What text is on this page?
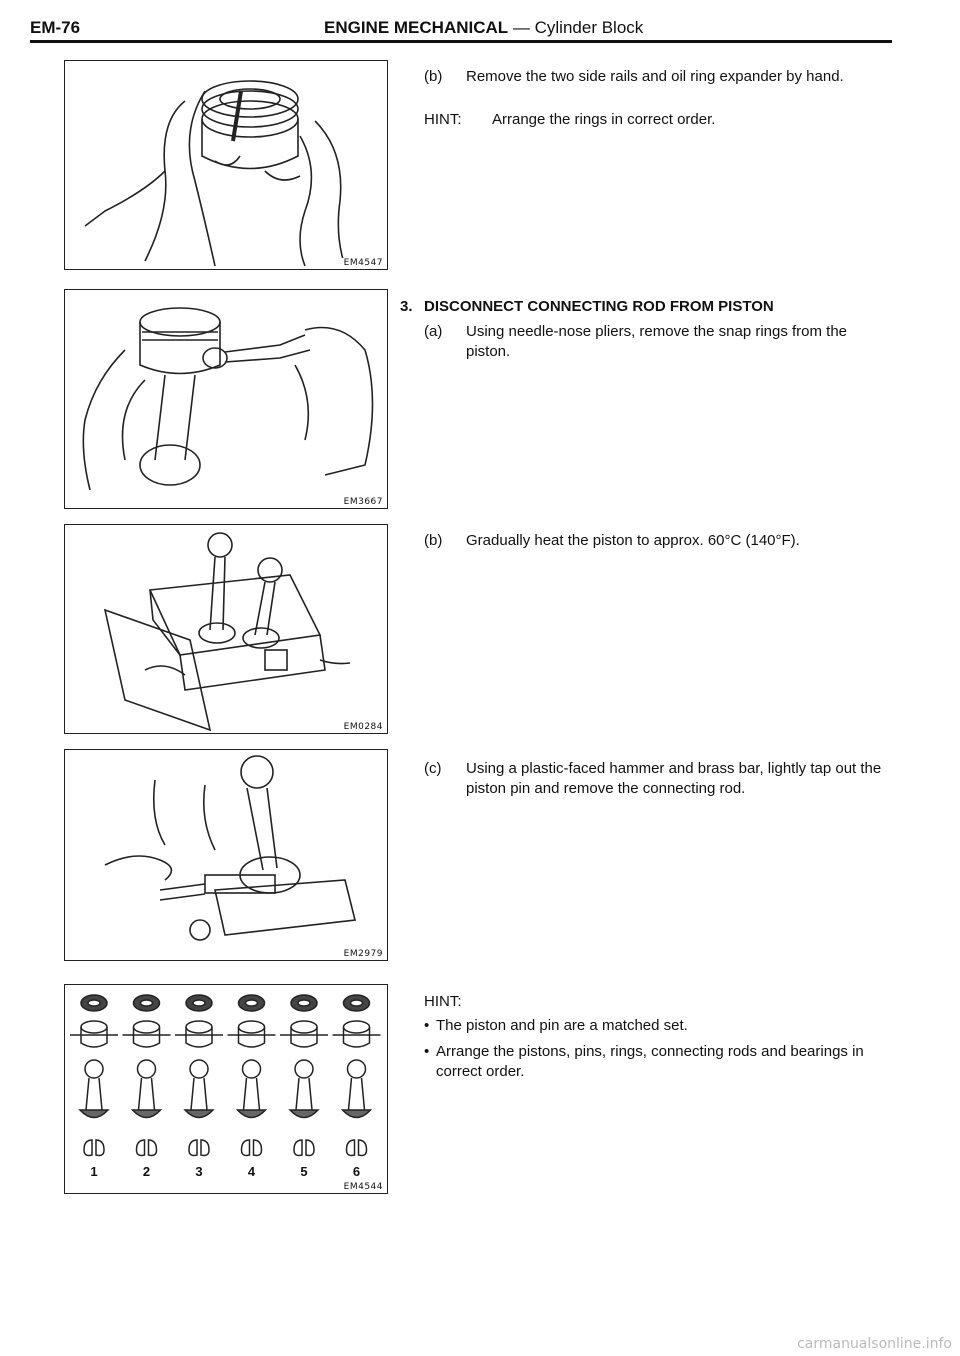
EM-76	ENGINE MECHANICAL — Cylinder Block
EM4547
EM3667
EM0284
EM2979
1	2	3	4	5	6
EM4544
(b) Remove the two side rails and oil ring expander by hand.
HINT: Arrange the rings in correct order.
3. DISCONNECT CONNECTING ROD FROM PISTON
(a) Using needle-nose pliers, remove the snap rings from the piston.
(b) Gradually heat the piston to approx. 60°C (140°F).
(c) Using a plastic-faced hammer and brass bar, lightly tap out the piston pin and remove the connecting rod.
HINT:
• The piston and pin are a matched set.
• Arrange the pistons, pins, rings, connecting rods and bearings in correct order.
carmanualsonline.info
